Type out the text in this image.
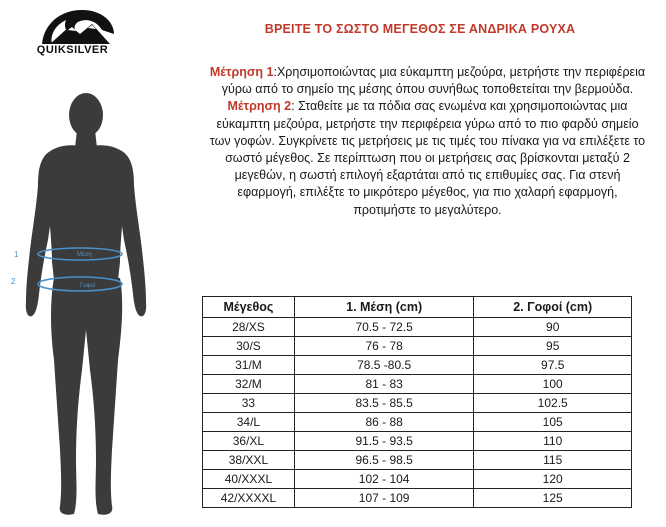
QUIKSILVER
ΒΡΕΙΤΕ ΤΟ ΣΩΣΤΟ ΜΕΓΕΘΟΣ ΣΕ ΑΝΔΡΙΚΑ ΡΟΥΧΑ
Μέτρηση 1:Χρησιμοποιώντας μια εύκαμπτη μεζούρα, μετρήστε την περιφέρεια γύρω από το σημείο της μέσης όπου συνήθως τοποθετείται την βερμούδα.
Μέτρηση 2: Σταθείτε με τα πόδια σας ενωμένα και χρησιμοποιώντας μια εύκαμπτη μεζούρα, μετρήστε την περιφέρεια γύρω από το πιο φαρδύ σημείο των γοφών. Συγκρίνετε τις μετρήσεις με τις τιμές του πίνακα για να επιλέξετε το σωστό μέγεθος. Σε περίπτωση που οι μετρήσεις σας βρίσκονται μεταξύ 2 μεγεθών, η σωστή επιλογή εξαρτάται από τις επιθυμίες σας. Για στενή εφαρμογή, επιλέξτε το μικρότερο μέγεθος, για πιο χαλαρή εφαρμογή, προτιμήστε το μεγαλύτερο.
1
2
Μέση
Γοφοί
Μέγεθος	1. Μέση (cm)	2. Γοφοί (cm)
28/XS	70.5 - 72.5	90
30/S	76 - 78	95
31/M	78.5 -80.5	97.5
32/M	81 - 83	100
33	83.5 - 85.5	102.5
34/L	86 - 88	105
36/XL	91.5 - 93.5	110
38/XXL	96.5 - 98.5	115
40/XXXL	102 - 104	120
42/XXXXL	107 - 109	125
